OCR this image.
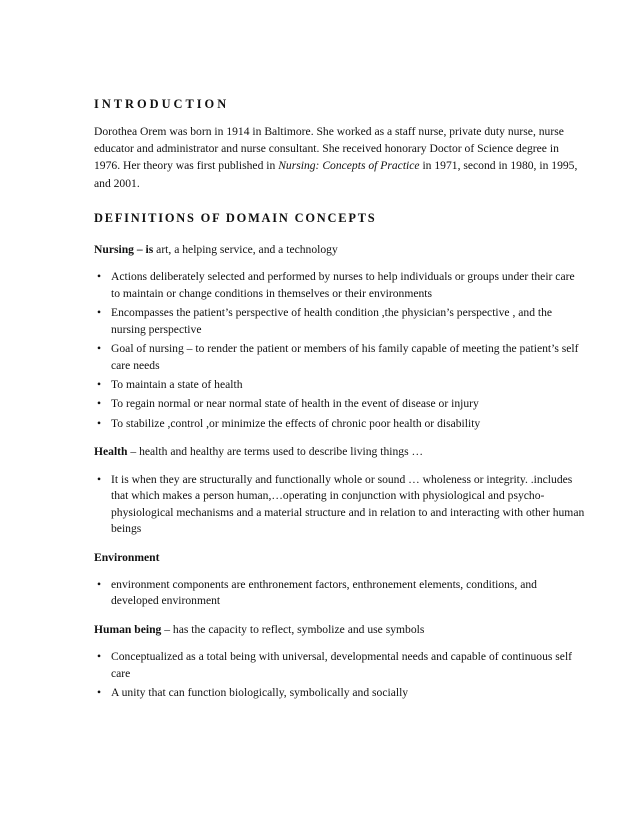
INTRODUCTION

Dorothea Orem was born in 1914 in Baltimore. She worked as a staff nurse, private duty nurse, nurse educator and administrator and nurse consultant. She received honorary Doctor of Science degree in 1976. Her theory was first published in Nursing: Concepts of Practice in 1971, second in 1980, in 1995, and 2001.

DEFINITIONS OF DOMAIN CONCEPTS

Nursing – is art, a helping service, and a technology

• Actions deliberately selected and performed by nurses to help individuals or groups under their care to maintain or change conditions in themselves or their environments
• Encompasses the patient’s perspective of health condition ,the physician’s perspective , and the nursing perspective
• Goal of nursing – to render the patient or members of his family capable of meeting the patient’s self care needs
• To maintain a state of health
• To regain normal or near normal state of health in the event of disease or injury
• To stabilize ,control ,or minimize the effects of chronic poor health or disability

Health – health and healthy are terms used to describe living things …

• It is when they are structurally and functionally whole or sound … wholeness or integrity. .includes that which makes a person human,…operating in conjunction with physiological and psycho-physiological mechanisms and a material structure and in relation to and interacting with other human beings

Environment

• environment components are enthronement factors, enthronement elements, conditions, and developed environment

Human being – has the capacity to reflect, symbolize and use symbols

• Conceptualized as a total being with universal, developmental needs and capable of continuous self care
• A unity that can function biologically, symbolically and socially
